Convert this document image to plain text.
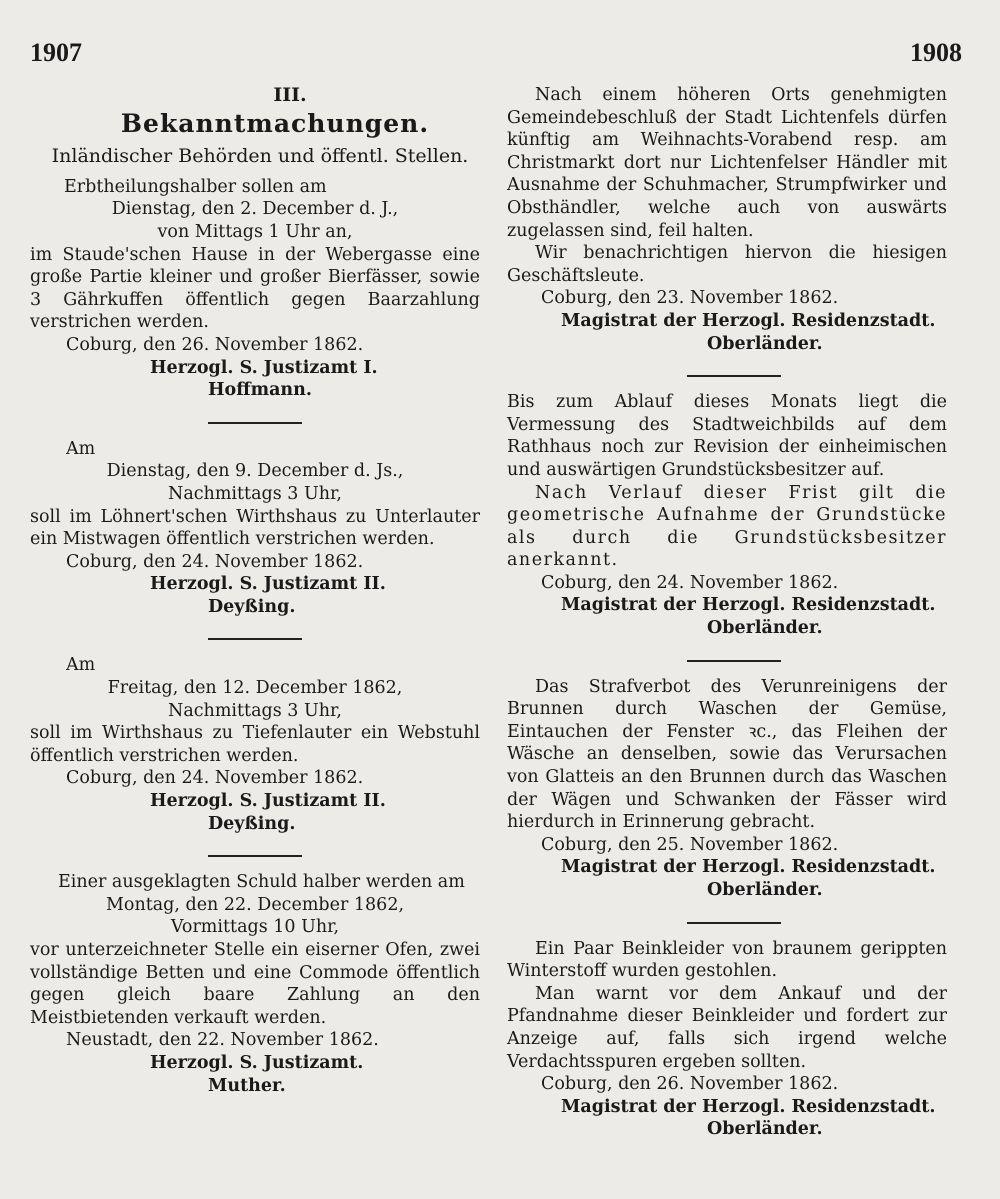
1907	1908

III.

Bekanntmachungen.

Inländischer Behörden und öffentl. Stellen.

Erbtheilungshalber sollen am

Dienstag, den 2. December d. J.,

von Mittags 1 Uhr an,

im Staude'schen Hause in der Webergasse eine große Partie kleiner und großer Bierfässer, sowie 3 Gährkuffen öffentlich gegen Baarzahlung verstrichen werden.

Coburg, den 26. November 1862.

Herzogl. S. Justizamt I.

Hoffmann.

Am

Dienstag, den 9. December d. Js.,

Nachmittags 3 Uhr,

soll im Löhnert'schen Wirthshaus zu Unterlauter ein Mistwagen öffentlich verstrichen werden.

Coburg, den 24. November 1862.

Herzogl. S. Justizamt II.

Deyßing.

Am

Freitag, den 12. December 1862,

Nachmittags 3 Uhr,

soll im Wirthshaus zu Tiefenlauter ein Webstuhl öffentlich verstrichen werden.

Coburg, den 24. November 1862.

Herzogl. S. Justizamt II.

Deyßing.

Einer ausgeklagten Schuld halber werden am

Montag, den 22. December 1862,

Vormittags 10 Uhr,

vor unterzeichneter Stelle ein eiserner Ofen, zwei vollständige Betten und eine Commode öffentlich gegen gleich baare Zahlung an den Meistbietenden verkauft werden.

Neustadt, den 22. November 1862.

Herzogl. S. Justizamt.

Muther.

Nach einem höheren Orts genehmigten Gemeindebeschluß der Stadt Lichtenfels dürfen künftig am Weihnachts-Vorabend resp. am Christmarkt dort nur Lichtenfelser Händler mit Ausnahme der Schuhmacher, Strumpfwirker und Obsthändler, welche auch von auswärts zugelassen sind, feil halten.

Wir benachrichtigen hiervon die hiesigen Geschäftsleute.

Coburg, den 23. November 1862.

Magistrat der Herzogl. Residenzstadt.

Oberländer.

Bis zum Ablauf dieses Monats liegt die Vermessung des Stadtweichbilds auf dem Rathhaus noch zur Revision der einheimischen und auswärtigen Grundstücksbesitzer auf.

Nach Verlauf dieser Frist gilt die geometrische Aufnahme der Grundstücke als durch die Grundstücksbesitzer anerkannt.

Coburg, den 24. November 1862.

Magistrat der Herzogl. Residenzstadt.

Oberländer.

Das Strafverbot des Verunreinigens der Brunnen durch Waschen der Gemüse, Eintauchen der Fenster ꝛc., das Fleihen der Wäsche an denselben, sowie das Verursachen von Glatteis an den Brunnen durch das Waschen der Wägen und Schwanken der Fässer wird hierdurch in Erinnerung gebracht.

Coburg, den 25. November 1862.

Magistrat der Herzogl. Residenzstadt.

Oberländer.

Ein Paar Beinkleider von braunem gerippten Winterstoff wurden gestohlen.

Man warnt vor dem Ankauf und der Pfandnahme dieser Beinkleider und fordert zur Anzeige auf, falls sich irgend welche Verdachtsspuren ergeben sollten.

Coburg, den 26. November 1862.

Magistrat der Herzogl. Residenzstadt.

Oberländer.
